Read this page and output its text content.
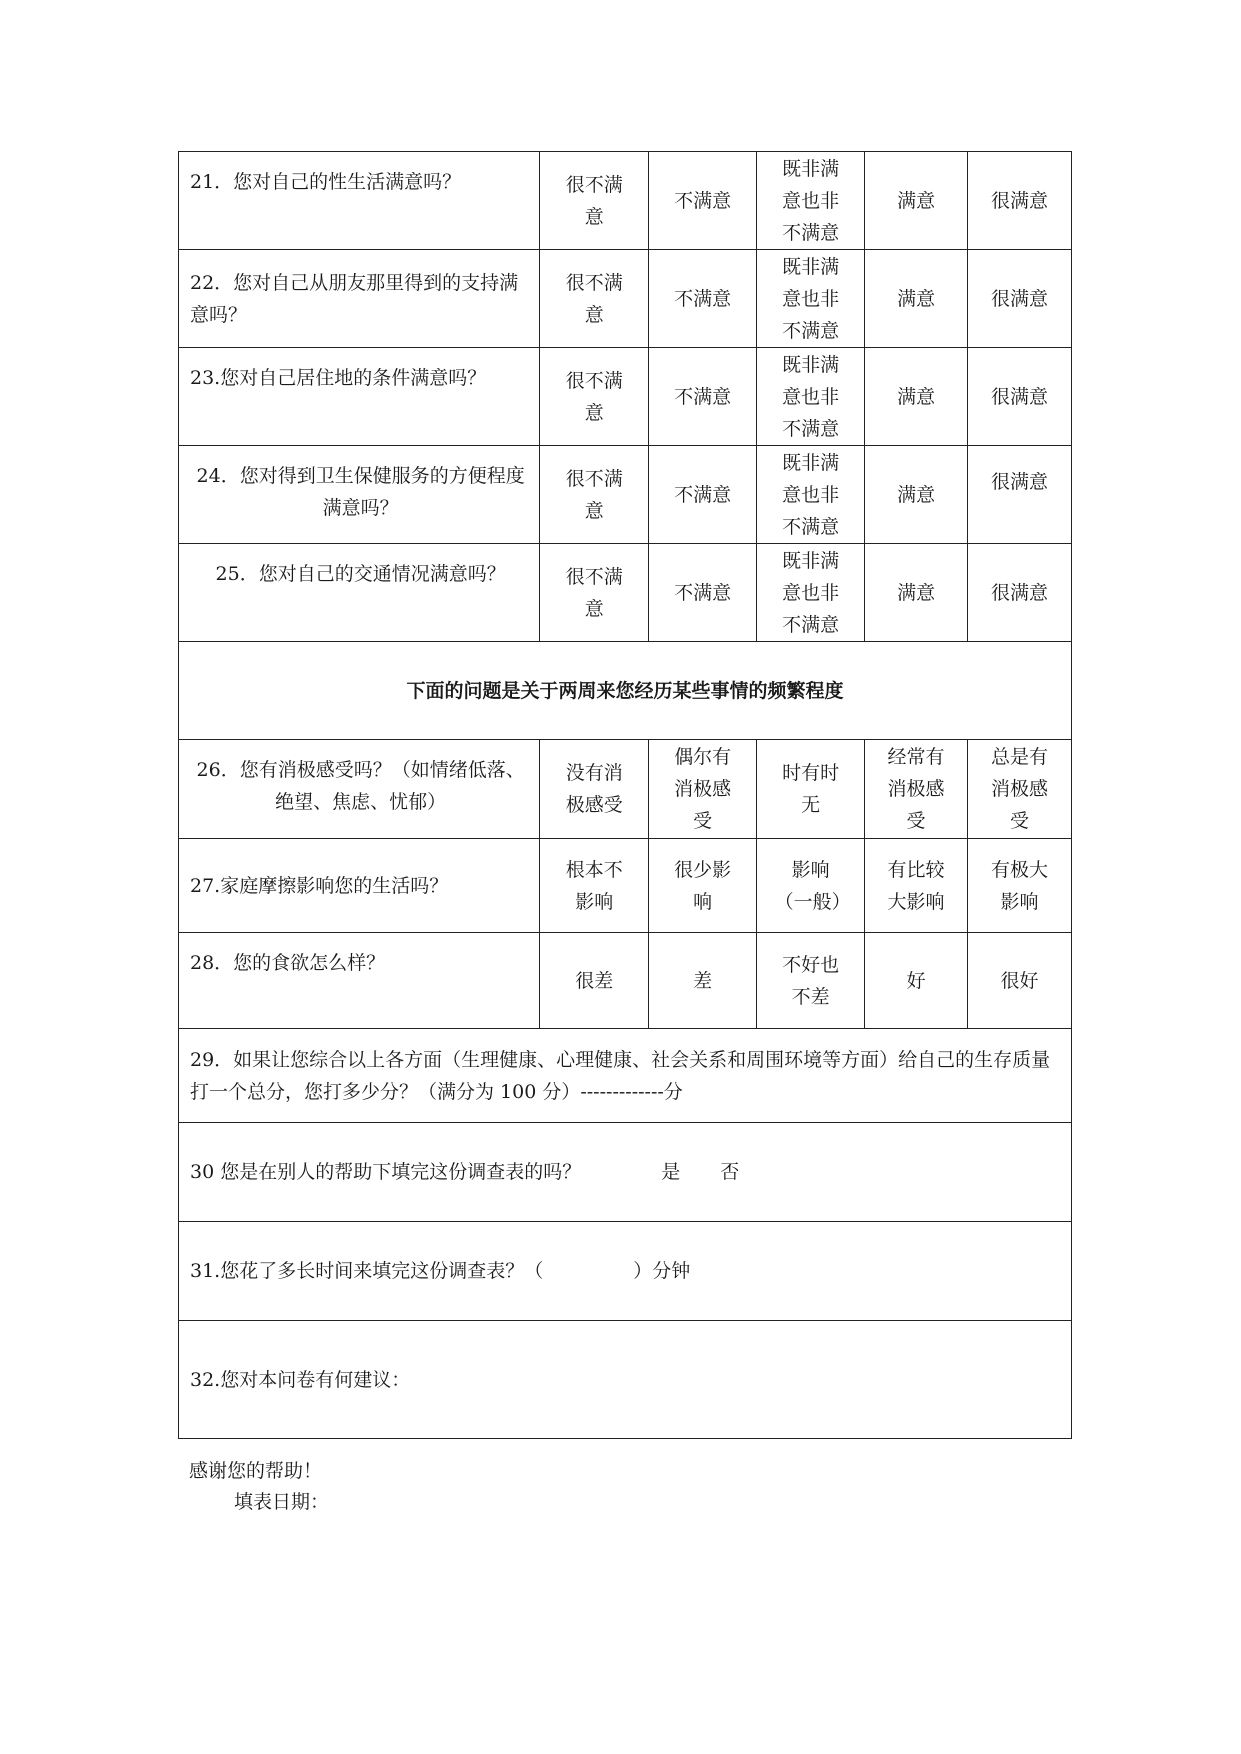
21．您对自己的性生活满意吗？	很不满意	不满意	既非满意也非不满意	满意	很满意
22．您对自己从朋友那里得到的支持满意吗？	很不满意	不满意	既非满意也非不满意	满意	很满意
23.您对自己居住地的条件满意吗？	很不满意	不满意	既非满意也非不满意	满意	很满意
24．您对得到卫生保健服务的方便程度满意吗？	很不满意	不满意	既非满意也非不满意	满意	很满意
25．您对自己的交通情况满意吗？	很不满意	不满意	既非满意也非不满意	满意	很满意
下面的问题是关于两周来您经历某些事情的频繁程度					
26．您有消极感受吗？（如情绪低落、绝望、焦虑、忧郁）	没有消极感受	偶尔有消极感受	时有时无	经常有消极感受	总是有消极感受
27.家庭摩擦影响您的生活吗？	根本不影响	很少影响	影响（一般）	有比较大影响	有极大影响
28．您的食欲怎么样？	很差	差	不好也不差	好	很好
29．如果让您综合以上各方面（生理健康、心理健康、社会关系和周围环境等方面）给自己的生存质量打一个总分，您打多少分？（满分为 100 分）-------------分					
30 您是在别人的帮助下填完这份调查表的吗？ 是 否					
31.您花了多长时间来填完这份调查表？（ ）分钟					
32.您对本问卷有何建议：					
感谢您的帮助！
填表日期：
